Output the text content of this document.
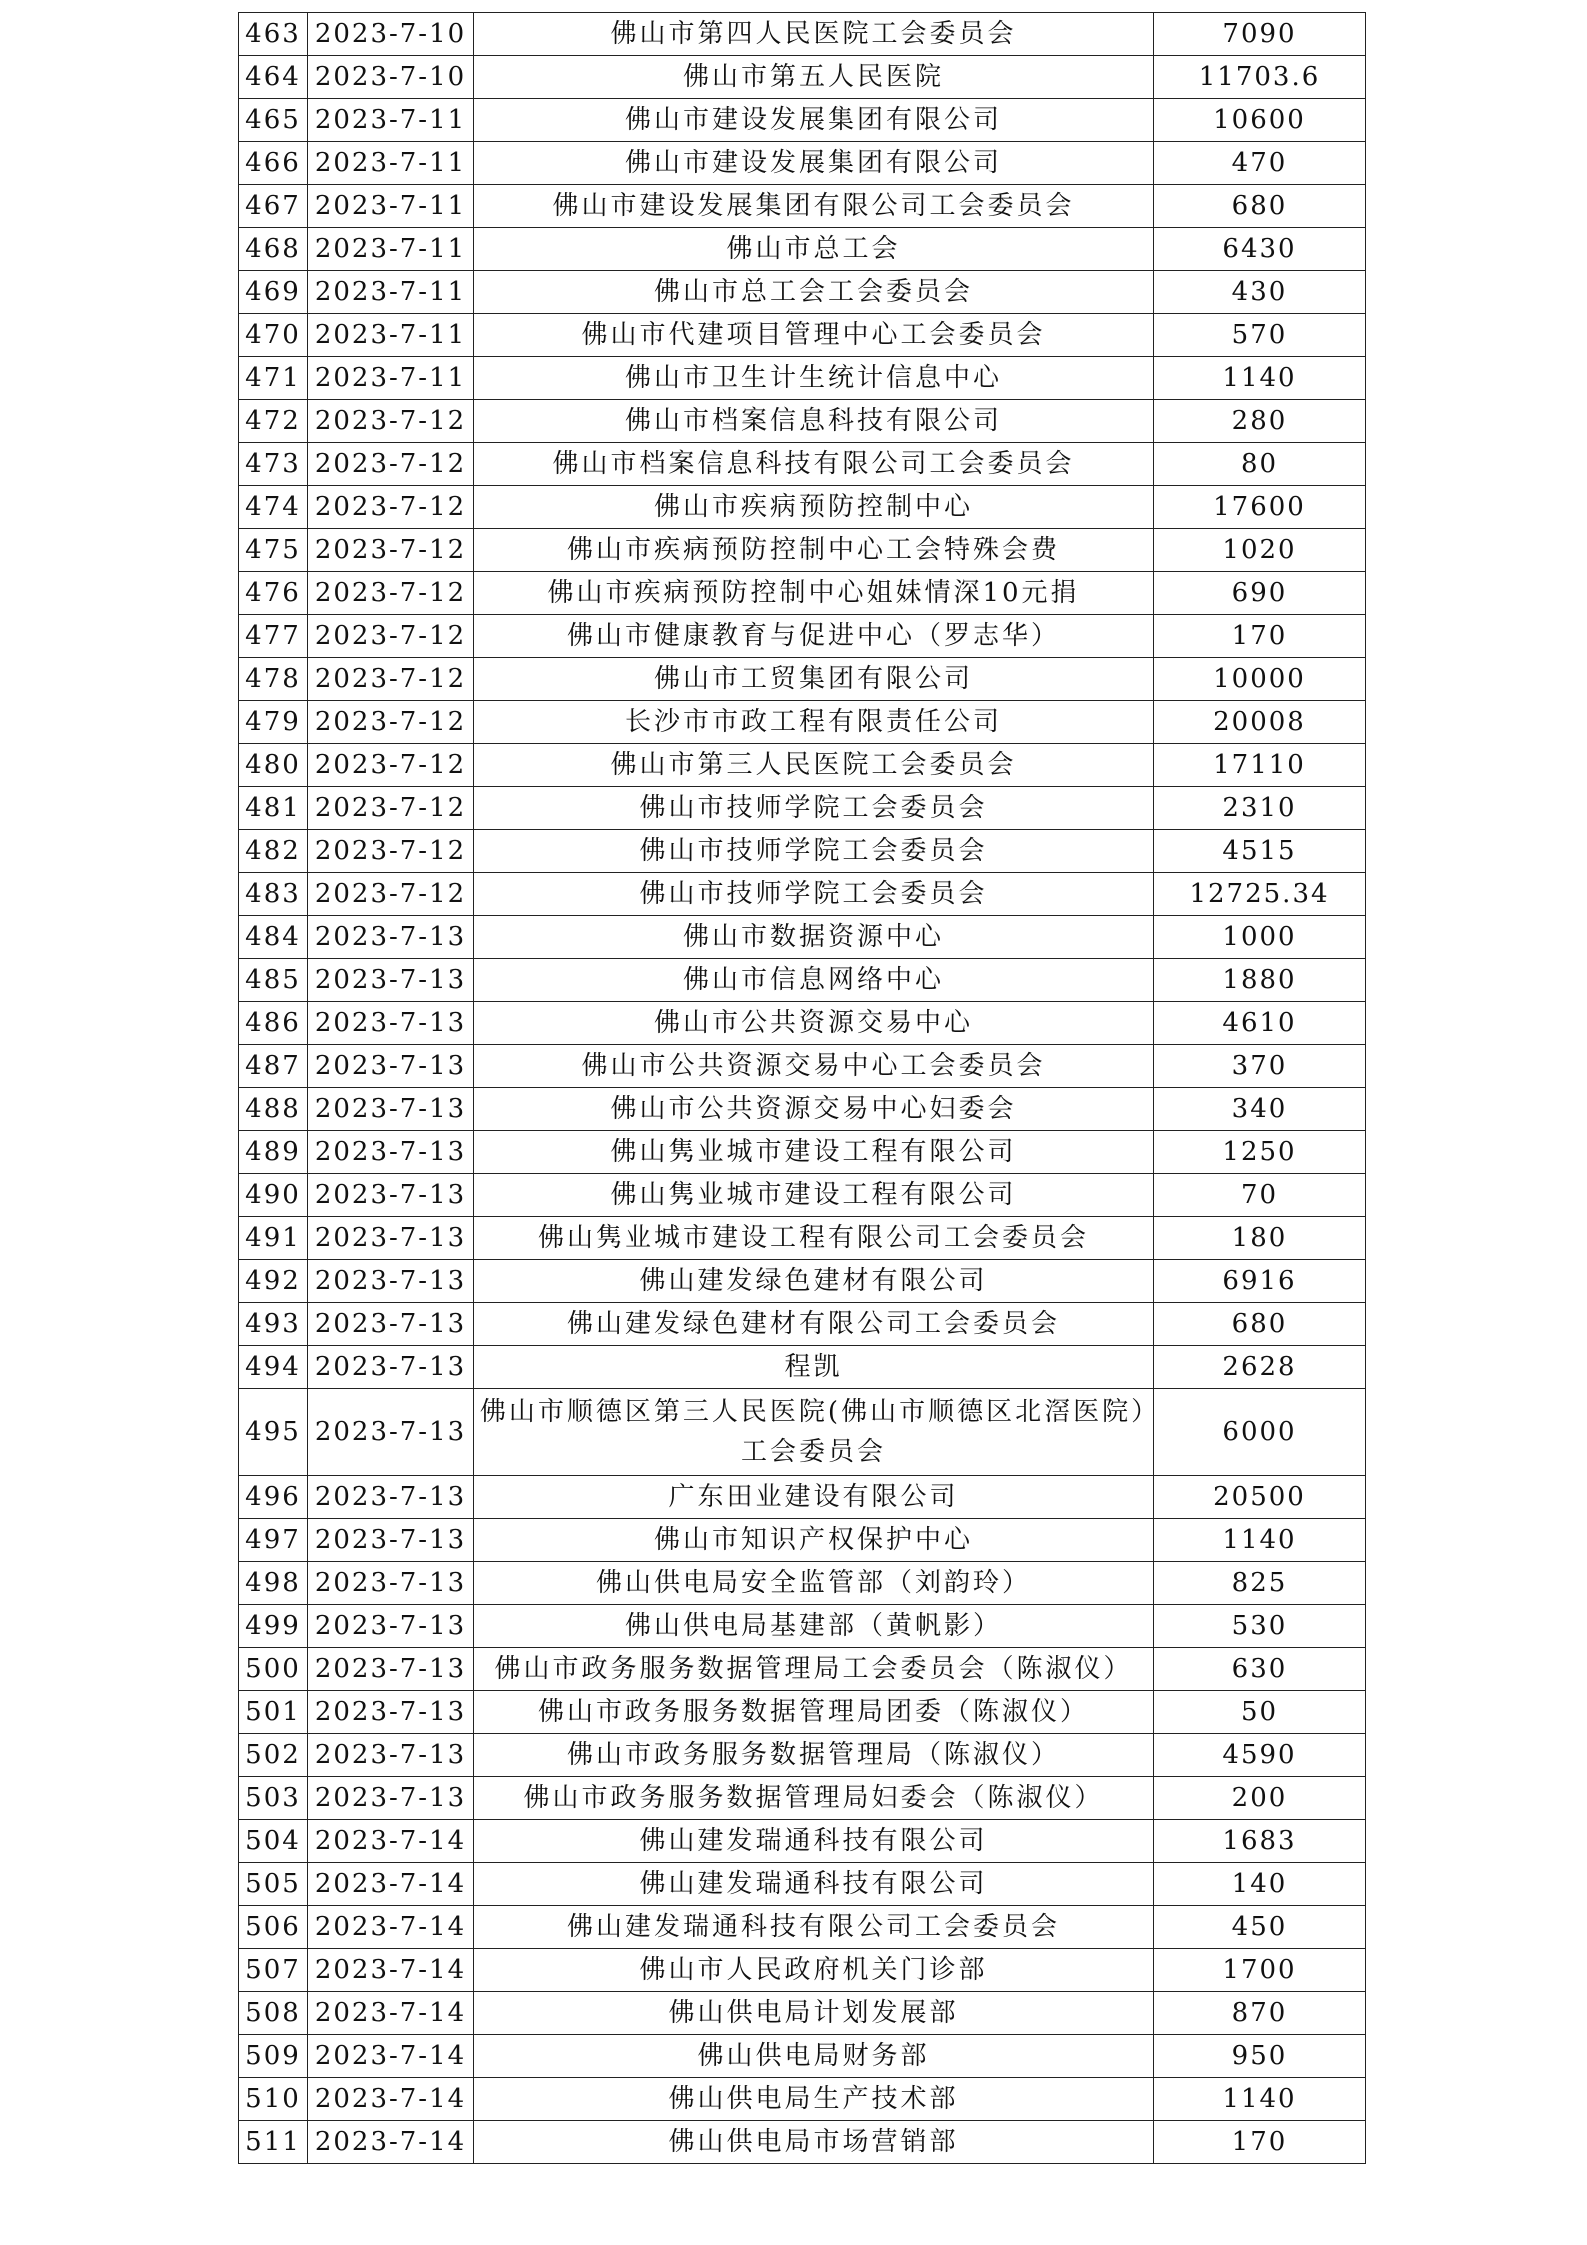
463	2023-7-10	佛山市第四人民医院工会委员会	7090
464	2023-7-10	佛山市第五人民医院	11703.6
465	2023-7-11	佛山市建设发展集团有限公司	10600
466	2023-7-11	佛山市建设发展集团有限公司	470
467	2023-7-11	佛山市建设发展集团有限公司工会委员会	680
468	2023-7-11	佛山市总工会	6430
469	2023-7-11	佛山市总工会工会委员会	430
470	2023-7-11	佛山市代建项目管理中心工会委员会	570
471	2023-7-11	佛山市卫生计生统计信息中心	1140
472	2023-7-12	佛山市档案信息科技有限公司	280
473	2023-7-12	佛山市档案信息科技有限公司工会委员会	80
474	2023-7-12	佛山市疾病预防控制中心	17600
475	2023-7-12	佛山市疾病预防控制中心工会特殊会费	1020
476	2023-7-12	佛山市疾病预防控制中心姐妹情深10元捐	690
477	2023-7-12	佛山市健康教育与促进中心（罗志华）	170
478	2023-7-12	佛山市工贸集团有限公司	10000
479	2023-7-12	长沙市市政工程有限责任公司	20008
480	2023-7-12	佛山市第三人民医院工会委员会	17110
481	2023-7-12	佛山市技师学院工会委员会	2310
482	2023-7-12	佛山市技师学院工会委员会	4515
483	2023-7-12	佛山市技师学院工会委员会	12725.34
484	2023-7-13	佛山市数据资源中心	1000
485	2023-7-13	佛山市信息网络中心	1880
486	2023-7-13	佛山市公共资源交易中心	4610
487	2023-7-13	佛山市公共资源交易中心工会委员会	370
488	2023-7-13	佛山市公共资源交易中心妇委会	340
489	2023-7-13	佛山隽业城市建设工程有限公司	1250
490	2023-7-13	佛山隽业城市建设工程有限公司	70
491	2023-7-13	佛山隽业城市建设工程有限公司工会委员会	180
492	2023-7-13	佛山建发绿色建材有限公司	6916
493	2023-7-13	佛山建发绿色建材有限公司工会委员会	680
494	2023-7-13	程凯	2628
495	2023-7-13	佛山市顺德区第三人民医院(佛山市顺德区北滘医院）工会委员会	6000
496	2023-7-13	广东田业建设有限公司	20500
497	2023-7-13	佛山市知识产权保护中心	1140
498	2023-7-13	佛山供电局安全监管部（刘韵玲）	825
499	2023-7-13	佛山供电局基建部（黄帆影）	530
500	2023-7-13	佛山市政务服务数据管理局工会委员会（陈淑仪）	630
501	2023-7-13	佛山市政务服务数据管理局团委（陈淑仪）	50
502	2023-7-13	佛山市政务服务数据管理局（陈淑仪）	4590
503	2023-7-13	佛山市政务服务数据管理局妇委会（陈淑仪）	200
504	2023-7-14	佛山建发瑞通科技有限公司	1683
505	2023-7-14	佛山建发瑞通科技有限公司	140
506	2023-7-14	佛山建发瑞通科技有限公司工会委员会	450
507	2023-7-14	佛山市人民政府机关门诊部	1700
508	2023-7-14	佛山供电局计划发展部	870
509	2023-7-14	佛山供电局财务部	950
510	2023-7-14	佛山供电局生产技术部	1140
511	2023-7-14	佛山供电局市场营销部	170
